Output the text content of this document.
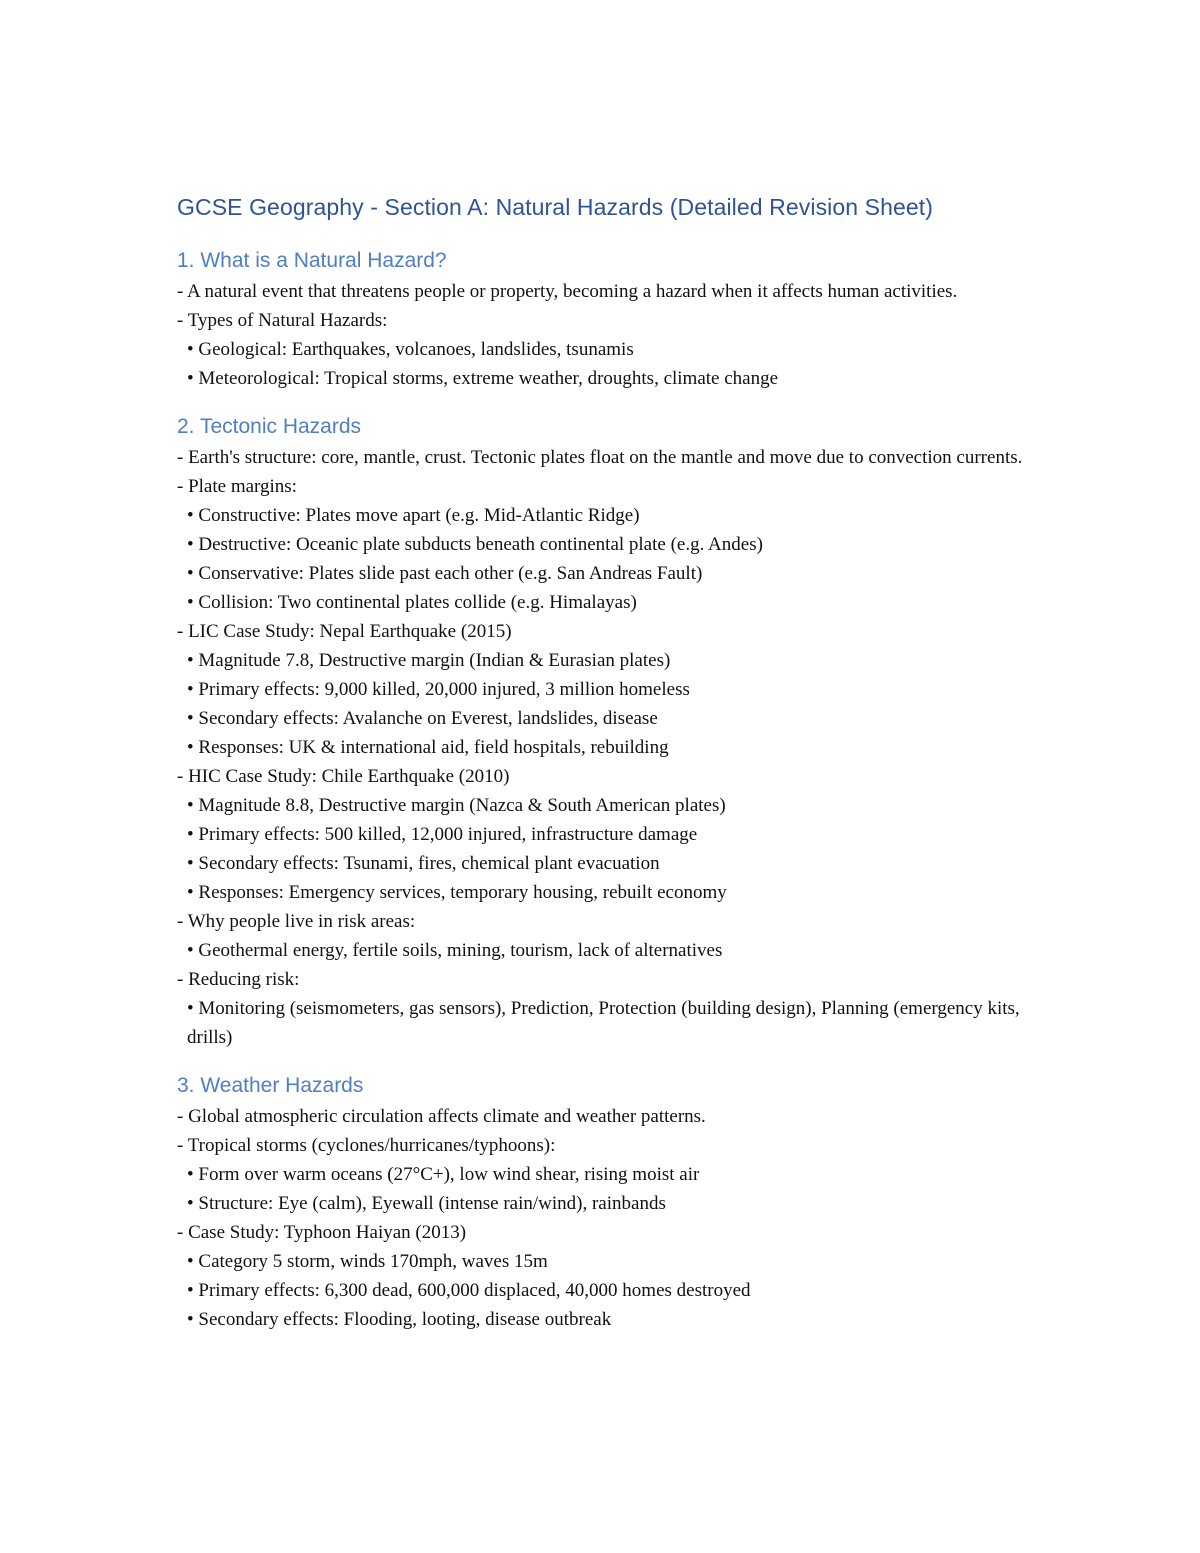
GCSE Geography - Section A: Natural Hazards (Detailed Revision Sheet)
1. What is a Natural Hazard?

- A natural event that threatens people or property, becoming a hazard when it affects human activities.

- Types of Natural Hazards:

• Geological: Earthquakes, volcanoes, landslides, tsunamis

• Meteorological: Tropical storms, extreme weather, droughts, climate change

2. Tectonic Hazards

- Earth's structure: core, mantle, crust. Tectonic plates float on the mantle and move due to convection currents.

- Plate margins:

• Constructive: Plates move apart (e.g. Mid-Atlantic Ridge)

• Destructive: Oceanic plate subducts beneath continental plate (e.g. Andes)

• Conservative: Plates slide past each other (e.g. San Andreas Fault)

• Collision: Two continental plates collide (e.g. Himalayas)

- LIC Case Study: Nepal Earthquake (2015)

• Magnitude 7.8, Destructive margin (Indian & Eurasian plates)

• Primary effects: 9,000 killed, 20,000 injured, 3 million homeless

• Secondary effects: Avalanche on Everest, landslides, disease

• Responses: UK & international aid, field hospitals, rebuilding

- HIC Case Study: Chile Earthquake (2010)

• Magnitude 8.8, Destructive margin (Nazca & South American plates)

• Primary effects: 500 killed, 12,000 injured, infrastructure damage

• Secondary effects: Tsunami, fires, chemical plant evacuation

• Responses: Emergency services, temporary housing, rebuilt economy

- Why people live in risk areas:

• Geothermal energy, fertile soils, mining, tourism, lack of alternatives

- Reducing risk:

• Monitoring (seismometers, gas sensors), Prediction, Protection (building design), Planning (emergency kits, drills)

3. Weather Hazards

- Global atmospheric circulation affects climate and weather patterns.

- Tropical storms (cyclones/hurricanes/typhoons):

• Form over warm oceans (27°C+), low wind shear, rising moist air

• Structure: Eye (calm), Eyewall (intense rain/wind), rainbands

- Case Study: Typhoon Haiyan (2013)

• Category 5 storm, winds 170mph, waves 15m

• Primary effects: 6,300 dead, 600,000 displaced, 40,000 homes destroyed

• Secondary effects: Flooding, looting, disease outbreak
